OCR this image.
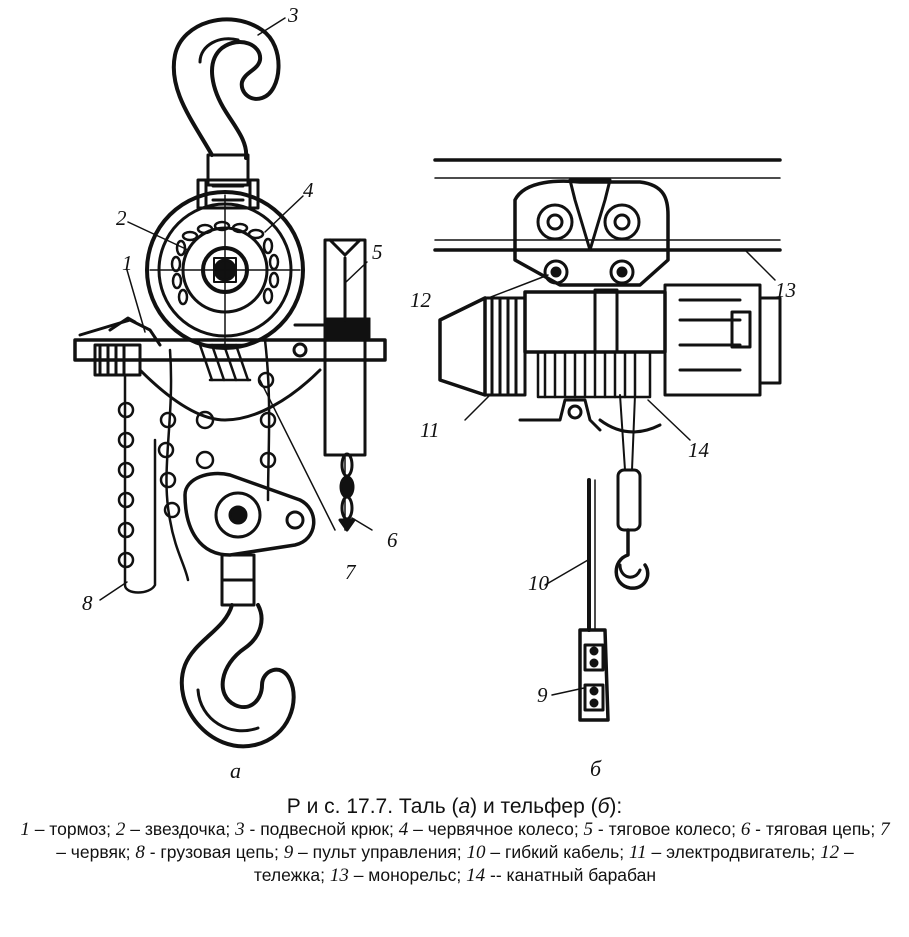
3
2
4
1	5
6
7
8
12	13
11
14
10
9
а	б
Р и с. 17.7. Таль (а) и тельфер (б):
1 – тормоз; 2 – звездочка; 3 - подвесной крюк; 4 – червячное колесо; 5 - тяговое колесо; 6 - тяговая цепь; 7 – червяк; 8 - грузовая цепь; 9 – пульт управления; 10 – гибкий кабель; 11 – электродвигатель; 12 – тележка; 13 – монорельс; 14 -- канатный барабан
